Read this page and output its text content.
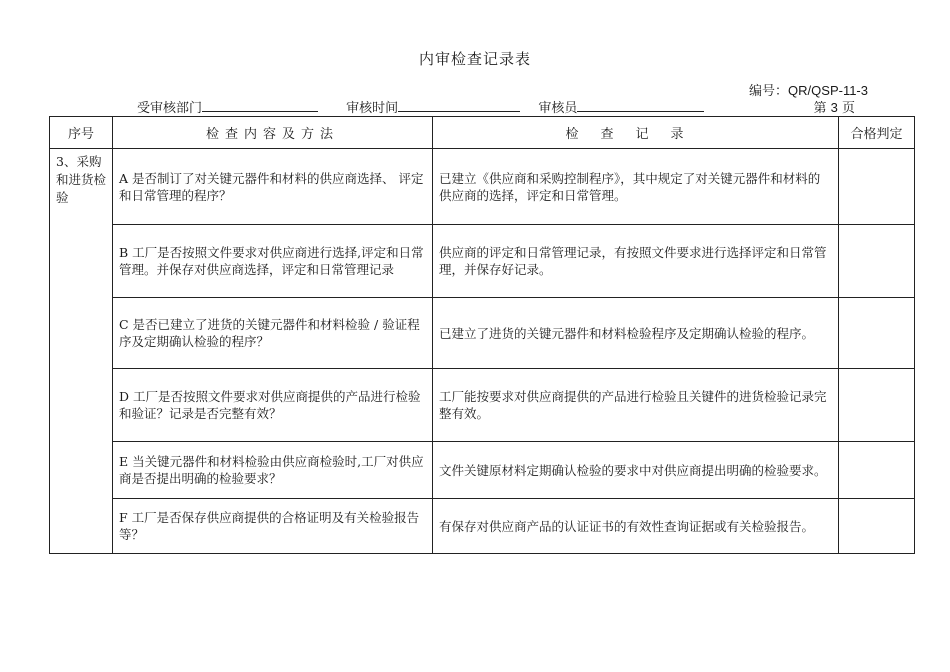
内审检查记录表
编号：QR/QSP-11-3
受审核部门	审核时间	审核员	第 3 页
序号	检查内容及方法	检查记录	合格判定
3、采购和进货检验	A 是否制订了对关键元器件和材料的供应商选择、 评定和日常管理的程序？	已建立《供应商和采购控制程序》，其中规定了对关键元器件和材料的供应商的选择，评定和日常管理。	
	B 工厂是否按照文件要求对供应商进行选择,评定和日常管理。并保存对供应商选择，评定和日常管理记录	供应商的评定和日常管理记录，有按照文件要求进行选择评定和日常管理，并保存好记录。	
	C 是否已建立了进货的关键元器件和材料检验 / 验证程序及定期确认检验的程序？	已建立了进货的关键元器件和材料检验程序及定期确认检验的程序。	
	D 工厂是否按照文件要求对供应商提供的产品进行检验和验证？记录是否完整有效？	工厂能按要求对供应商提供的产品进行检验且关键件的进货检验记录完整有效。	
	E 当关键元器件和材料检验由供应商检验时,工厂对供应商是否提出明确的检验要求？	文件关键原材料定期确认检验的要求中对供应商提出明确的检验要求。	
	F 工厂是否保存供应商提供的合格证明及有关检验报告等？	有保存对供应商产品的认证证书的有效性查询证据或有关检验报告。	
